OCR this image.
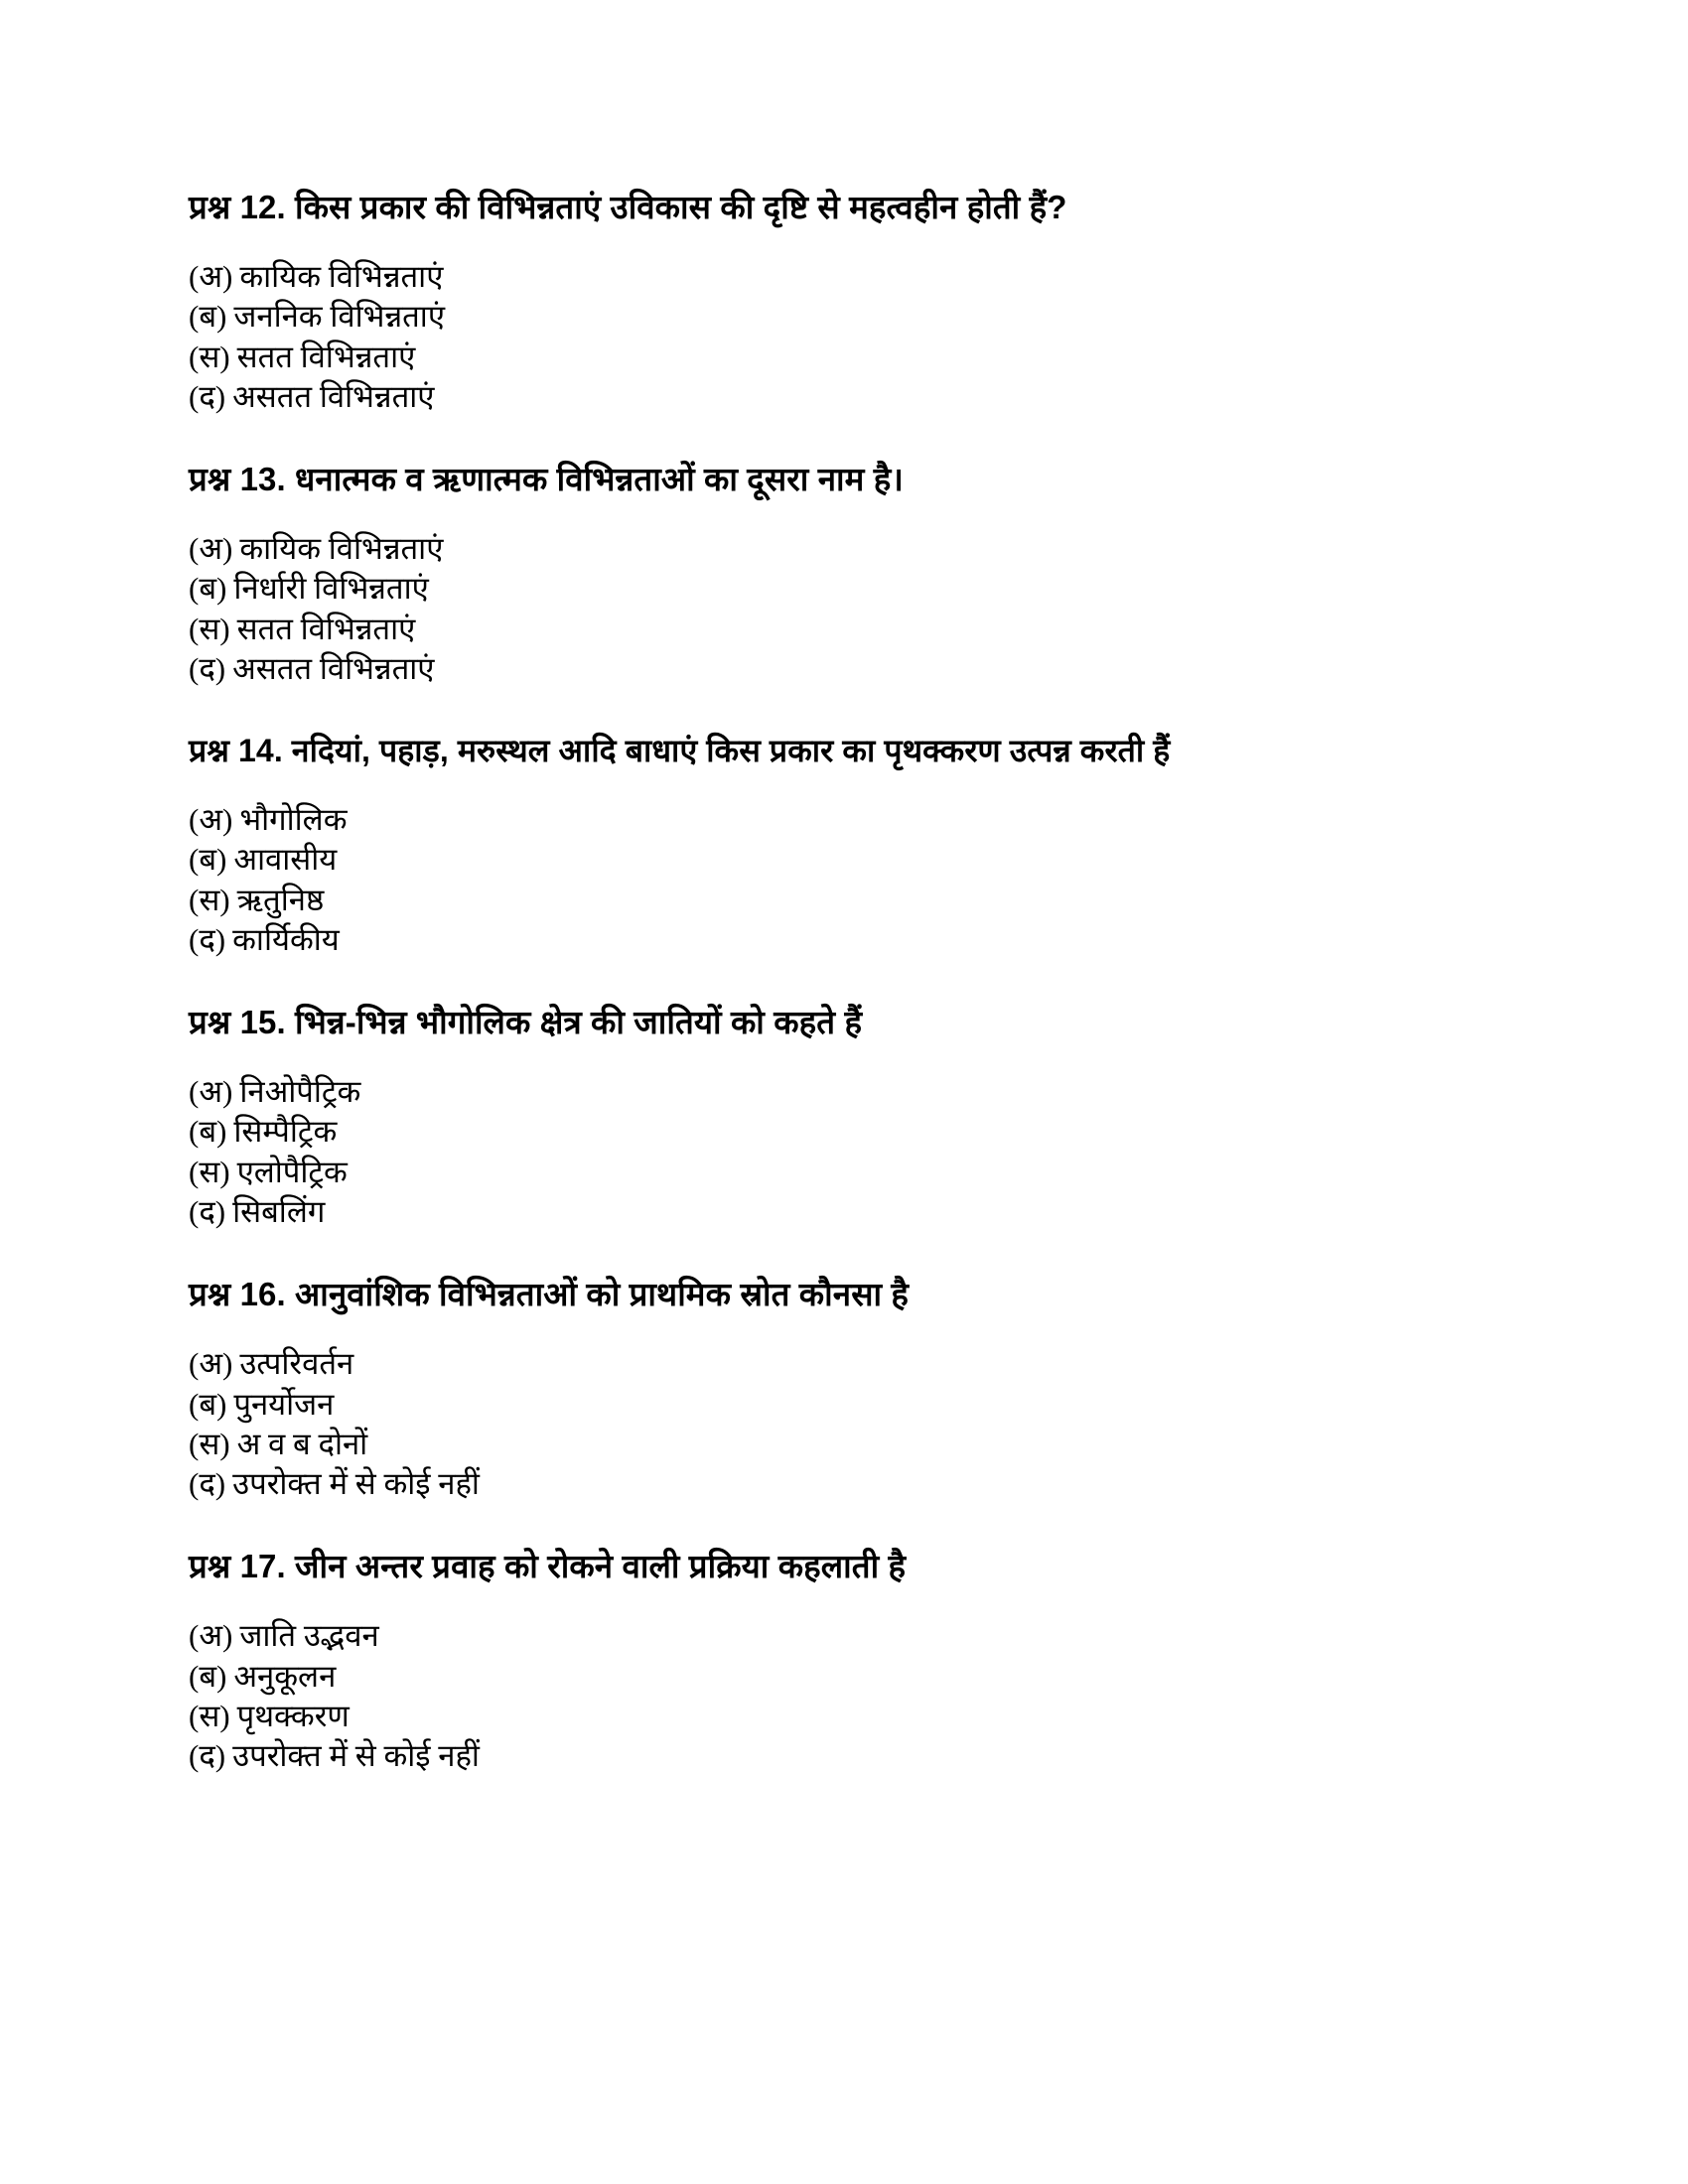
प्रश्न 12. किस प्रकार की विभिन्नताएं उविकास की दृष्टि से महत्वहीन होती हैं?
(अ) कायिक विभिन्नताएं
(ब) जननिक विभिन्नताएं
(स) सतत विभिन्नताएं
(द) असतत विभिन्नताएं
प्रश्न 13. धनात्मक व ऋणात्मक विभिन्नताओं का दूसरा नाम है।
(अ) कायिक विभिन्नताएं
(ब) निर्धारी विभिन्नताएं
(स) सतत विभिन्नताएं
(द) असतत विभिन्नताएं
प्रश्न 14. नदियां, पहाड़, मरुस्थल आदि बाधाएं किस प्रकार का पृथक्करण उत्पन्न करती हैं
(अ) भौगोलिक
(ब) आवासीय
(स) ऋतुनिष्ठ
(द) कार्यिकीय
प्रश्न 15. भिन्न-भिन्न भौगोलिक क्षेत्र की जातियों को कहते हैं
(अ) निओपैट्रिक
(ब) सिम्पैट्रिक
(स) एलोपैट्रिक
(द) सिबलिंग
प्रश्न 16. आनुवांशिक विभिन्नताओं को प्राथमिक स्रोत कौनसा है
(अ) उत्परिवर्तन
(ब) पुनर्योजन
(स) अ व ब दोनों
(द) उपरोक्त में से कोई नहीं
प्रश्न 17. जीन अन्तर प्रवाह को रोकने वाली प्रक्रिया कहलाती है
(अ) जाति उद्भवन
(ब) अनुकूलन
(स) पृथक्करण
(द) उपरोक्त में से कोई नहीं
